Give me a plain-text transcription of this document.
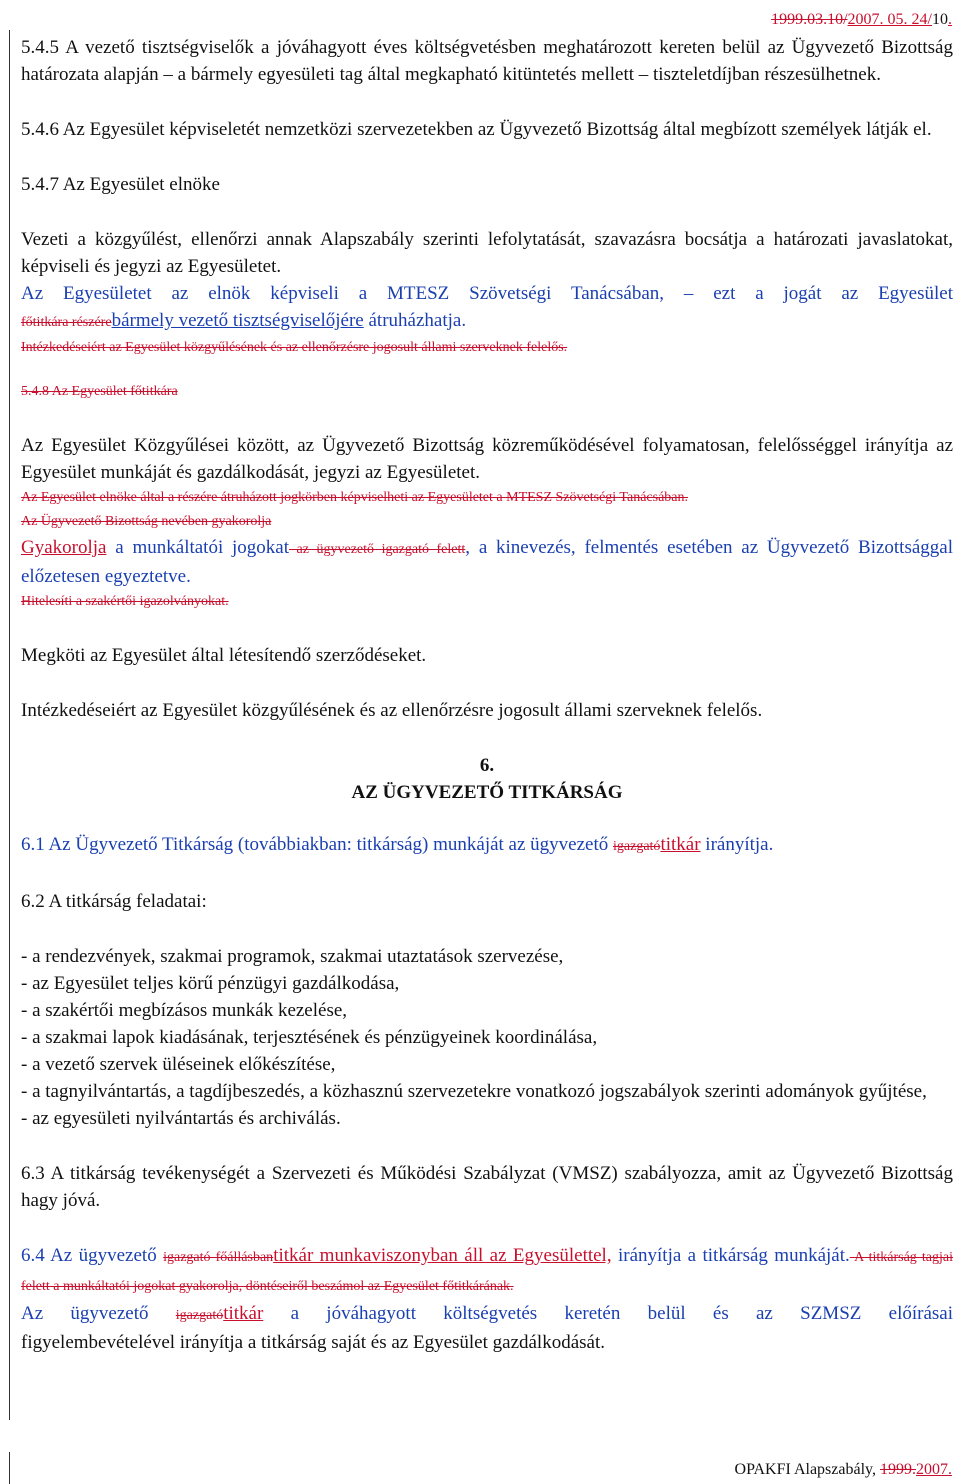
1999.03.10/2007. 05. 24/10.

5.4.5 A vezető tisztségviselők a jóváhagyott éves költségvetésben meghatározott kereten belül az Ügyvezető Bizottság határozata alapján – a bármely egyesületi tag által megkapható kitüntetés mellett – tiszteletdíjban részesülhetnek.

5.4.6 Az Egyesület képviseletét nemzetközi szervezetekben az Ügyvezető Bizottság által megbízott személyek látják el.

5.4.7 Az Egyesület elnöke

Vezeti a közgyűlést, ellenőrzi annak Alapszabály szerinti lefolytatását, szavazásra bocsátja a határozati javaslatokat, képviseli és jegyzi az Egyesületet.

Az Egyesületet az elnök képviseli a MTESZ Szövetségi Tanácsában, – ezt a jogát az Egyesület

főtitkára részérebármely vezető tisztségviselőjére átruházhatja.

Intézkedéseiért az Egyesület közgyűlésének és az ellenőrzésre jogosult állami szerveknek felelős.

5.4.8 Az Egyesület főtitkára

Az Egyesület Közgyűlései között, az Ügyvezető Bizottság közreműködésével folyamatosan, felelősséggel irányítja az Egyesület munkáját és gazdálkodását, jegyzi az Egyesületet.

Az Egyesület elnöke által a részére átruházott jogkörben képviselheti az Egyesületet a MTESZ Szövetségi Tanácsában.

Az Ügyvezető Bizottság nevében gyakorolja

Gyakorolja a munkáltatói jogokat az ügyvezető igazgató felett, a kinevezés, felmentés esetében az Ügyvezető Bizottsággal előzetesen egyeztetve.

Hitelesíti a szakértői igazolványokat.

Megköti az Egyesület által létesítendő szerződéseket.

Intézkedéseiért az Egyesület közgyűlésének és az ellenőrzésre jogosult állami szerveknek felelős.

6.

AZ ÜGYVEZETŐ TITKÁRSÁG

6.1 Az Ügyvezető Titkárság (továbbiakban: titkárság) munkáját az ügyvezető igazgatótitkár irányítja.

6.2 A titkárság feladatai:

- a rendezvények, szakmai programok, szakmai utaztatások szervezése,

- az Egyesület teljes körű pénzügyi gazdálkodása,

- a szakértői megbízásos munkák kezelése,

- a szakmai lapok kiadásának, terjesztésének és pénzügyeinek koordinálása,

- a vezető szervek üléseinek előkészítése,

- a tagnyilvántartás, a tagdíjbeszedés, a közhasznú szervezetekre vonatkozó jogszabályok szerinti adományok gyűjtése,

- az egyesületi nyilvántartás és archiválás.

6.3 A titkárság tevékenységét a Szervezeti és Működési Szabályzat (VMSZ) szabályozza, amit az Ügyvezető Bizottság hagy jóvá.

6.4 Az ügyvezető igazgató főállásbantitkár munkaviszonyban áll az Egyesülettel, irányítja a titkárság munkáját. A titkárság tagjai felett a munkáltatói jogokat gyakorolja, döntéseiről beszámol az Egyesület főtitkárának.

Az ügyvezető igazgatótitkár a jóváhagyott költségvetés keretén belül és az SZMSZ előírásai

figyelembevételével irányítja a titkárság saját és az Egyesület gazdálkodását.

OPAKFI Alapszabály, 1999.2007.
